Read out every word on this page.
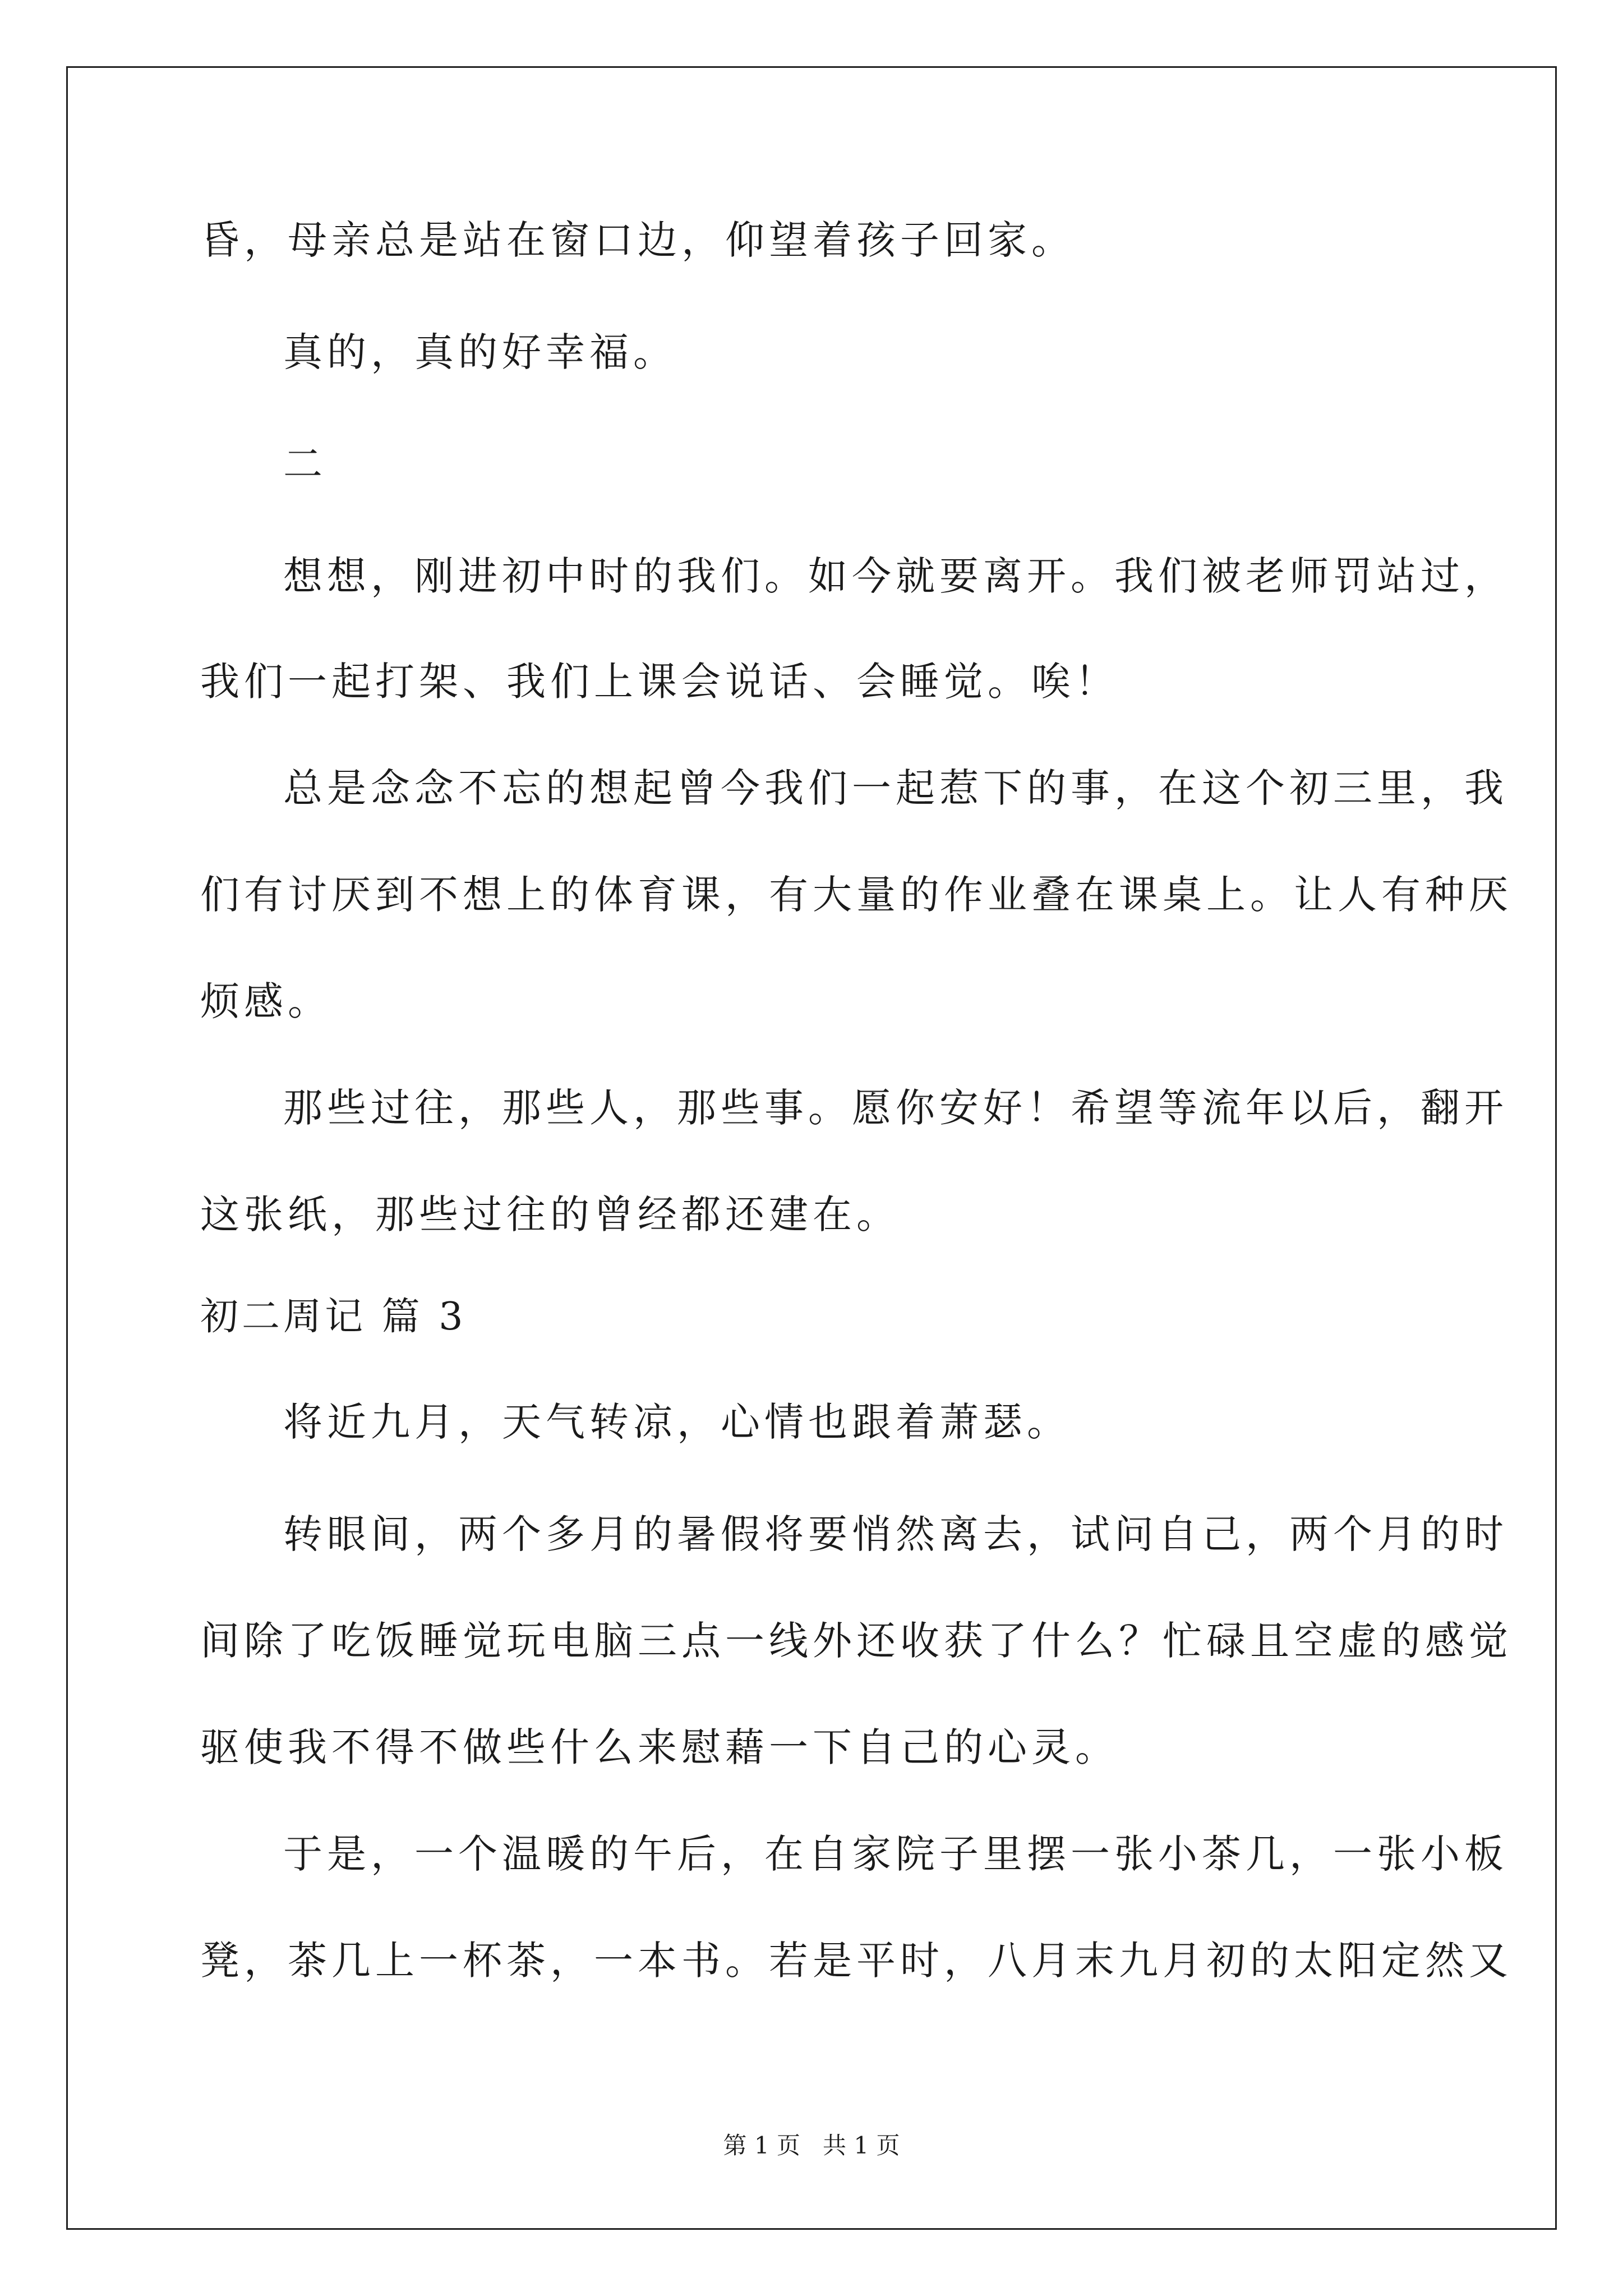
昏，母亲总是站在窗口边，仰望着孩子回家。
真的，真的好幸福。
二
想想，刚进初中时的我们。如今就要离开。我们被老师罚站过，
我们一起打架、我们上课会说话、会睡觉。唉！
总是念念不忘的想起曾今我们一起惹下的事，在这个初三里，我
们有讨厌到不想上的体育课，有大量的作业叠在课桌上。让人有种厌
烦感。
那些过往，那些人，那些事。愿你安好！希望等流年以后，翻开
这张纸，那些过往的曾经都还建在。
初二周记 篇 3
将近九月，天气转凉，心情也跟着萧瑟。
转眼间，两个多月的暑假将要悄然离去，试问自己，两个月的时
间除了吃饭睡觉玩电脑三点一线外还收获了什么？忙碌且空虚的感觉
驱使我不得不做些什么来慰藉一下自己的心灵。
于是，一个温暖的午后，在自家院子里摆一张小茶几，一张小板
凳，茶几上一杯茶，一本书。若是平时，八月末九月初的太阳定然又
第 1 页   共 1 页
